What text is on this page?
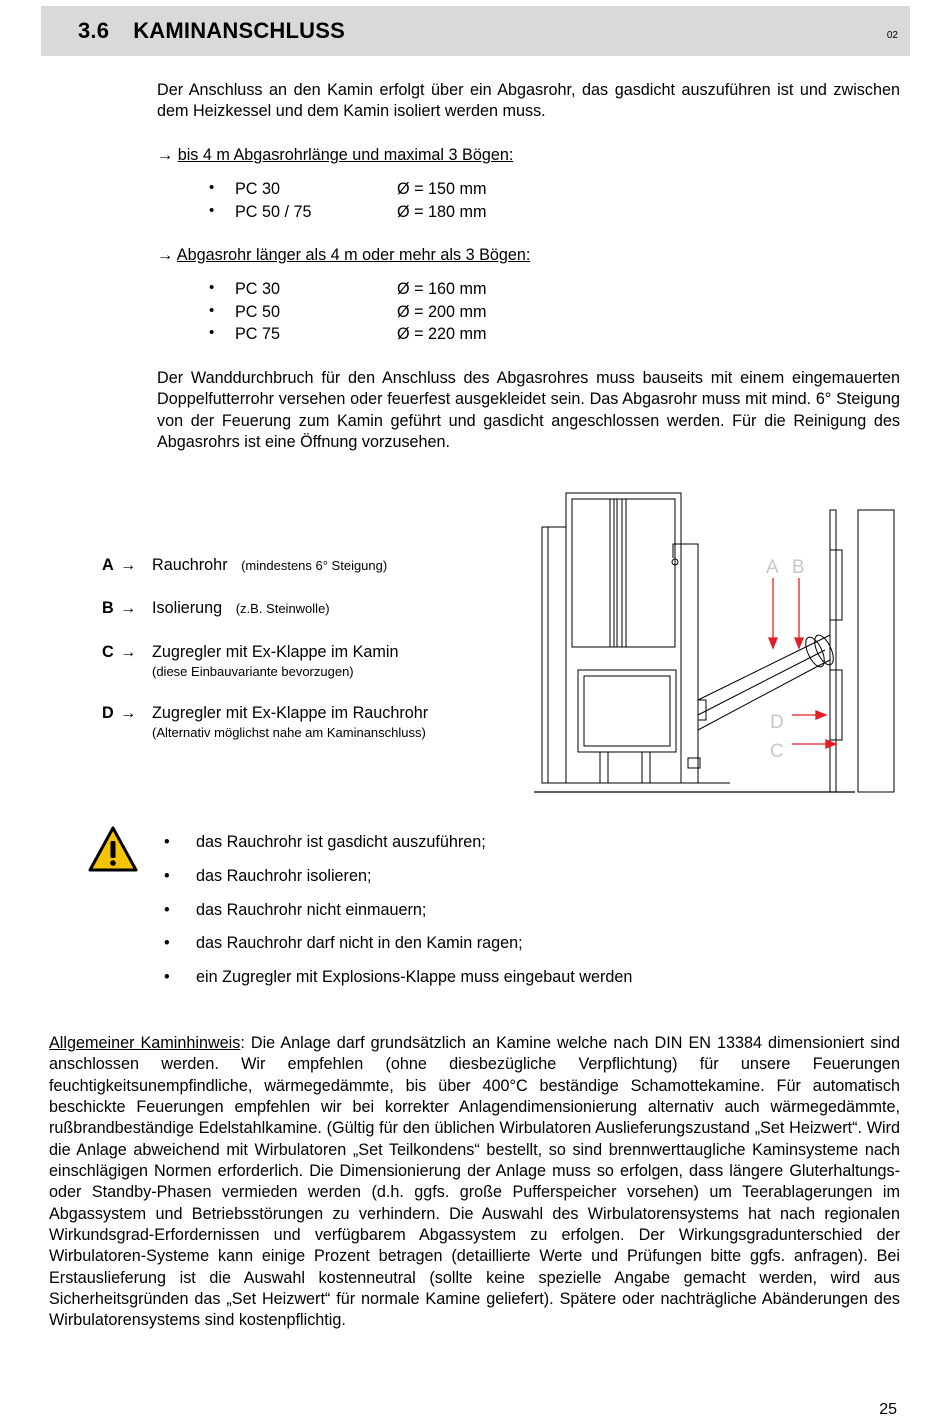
3.6 KAMINANSCHLUSS	02
Der Anschluss an den Kamin erfolgt über ein Abgasrohr, das gasdicht auszuführen ist und zwischen dem Heizkessel und dem Kamin isoliert werden muss.
→ bis 4 m Abgasrohrlänge und maximal 3 Bögen:
• PC 30	Ø = 150 mm
• PC 50 / 75	Ø = 180 mm
→ Abgasrohr länger als 4 m oder mehr als 3 Bögen:
• PC 30	Ø = 160 mm
• PC 50	Ø = 200 mm
• PC 75	Ø = 220 mm
Der Wanddurchbruch für den Anschluss des Abgasrohres muss bauseits mit einem eingemauerten Doppelfutterrohr versehen oder feuerfest ausgekleidet sein. Das Abgasrohr muss mit mind. 6° Steigung von der Feuerung zum Kamin geführt und gasdicht angeschlossen werden. Für die Reinigung des Abgasrohrs ist eine Öffnung vorzusehen.
A → Rauchrohr (mindestens 6° Steigung)
B → Isolierung (z.B. Steinwolle)
C → Zugregler mit Ex-Klappe im Kamin
(diese Einbauvariante bevorzugen)
D → Zugregler mit Ex-Klappe im Rauchrohr
(Alternativ möglichst nahe am Kaminanschluss)
A B
D
C
• das Rauchrohr ist gasdicht auszuführen;
• das Rauchrohr isolieren;
• das Rauchrohr nicht einmauern;
• das Rauchrohr darf nicht in den Kamin ragen;
• ein Zugregler mit Explosions-Klappe muss eingebaut werden
Allgemeiner Kaminhinweis: Die Anlage darf grundsätzlich an Kamine welche nach DIN EN 13384 dimensioniert sind anschlossen werden. Wir empfehlen (ohne diesbezügliche Verpflichtung) für unsere Feuerungen feuchtigkeitsunempfindliche, wärmegedämmte, bis über 400°C beständige Schamottekamine. Für automatisch beschickte Feuerungen empfehlen wir bei korrekter Anlagendimensionierung alternativ auch wärmegedämmte, rußbrandbeständige Edelstahlkamine. (Gültig für den üblichen Wirbulatoren Auslieferungszustand „Set Heizwert“. Wird die Anlage abweichend mit Wirbulatoren „Set Teilkondens“ bestellt, so sind brennwerttaugliche Kaminsysteme nach einschlägigen Normen erforderlich. Die Dimensionierung der Anlage muss so erfolgen, dass längere Gluterhaltungs- oder Standby-Phasen vermieden werden (d.h. ggfs. große Pufferspeicher vorsehen) um Teerablagerungen im Abgassystem und Betriebsstörungen zu verhindern. Die Auswahl des Wirbulatorensystems hat nach regionalen Wirkundsgrad-Erfordernissen und verfügbarem Abgassystem zu erfolgen. Der Wirkungsgradunterschied der Wirbulatoren-Systeme kann einige Prozent betragen (detaillierte Werte und Prüfungen bitte ggfs. anfragen). Bei Erstauslieferung ist die Auswahl kostenneutral (sollte keine spezielle Angabe gemacht werden, wird aus Sicherheitsgründen das „Set Heizwert“ für normale Kamine geliefert). Spätere oder nachträgliche Abänderungen des Wirbulatorensystems sind kostenpflichtig.
25
